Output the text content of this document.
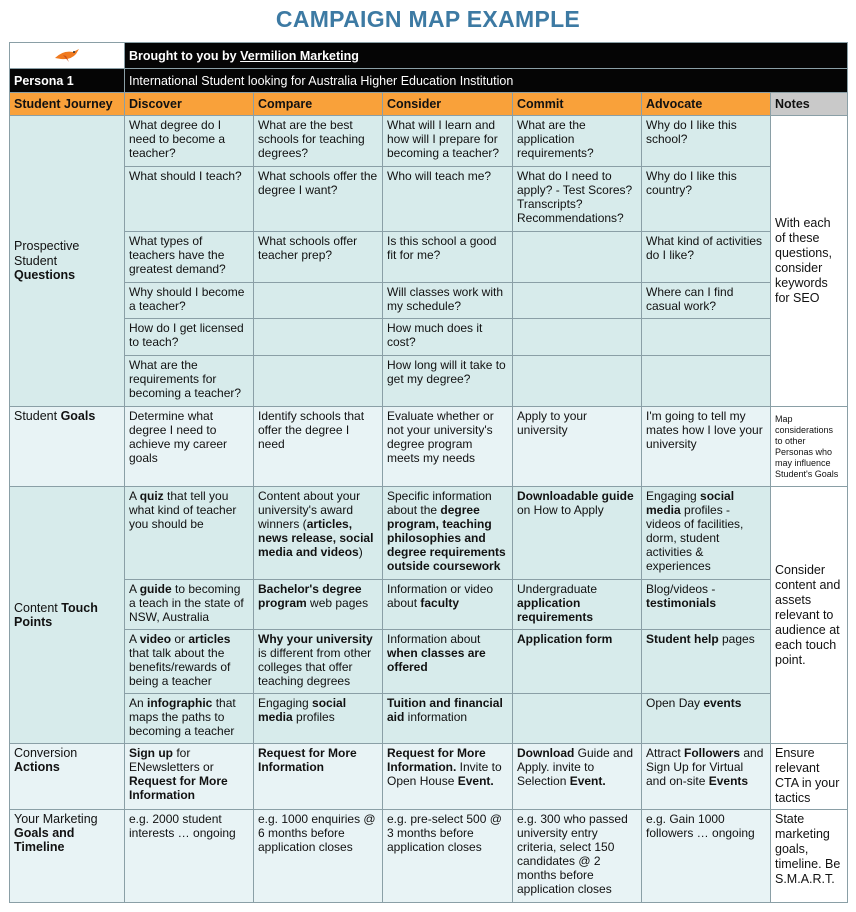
CAMPAIGN MAP EXAMPLE
	Brought to you by Vermilion Marketing					
Persona 1	International Student looking for Australia Higher Education Institution					
Student Journey	Discover	Compare	Consider	Commit	Advocate	Notes
Prospective Student Questions	What degree do I need to become a teacher?	What are the best schools for teaching degrees?	What will I learn and how will I prepare for becoming a teacher?	What are the application requirements?	Why do I like this school?	With each of these questions, consider keywords for SEO
	What should I teach?	What schools offer the degree I want?	Who will teach me?	What do I need to apply? - Test Scores? Transcripts? Recommendations?	Why do I like this country?	
	What types of teachers have the greatest demand?	What schools offer teacher prep?	Is this school a good fit for me?		What kind of activities do I like?	
	Why should I become a teacher?		Will classes work with my schedule?		Where can I find casual work?	
	How do I get licensed to teach?		How much does it cost?			
	What are the requirements for becoming a teacher?		How long will it take to get my degree?			
Student Goals	Determine what degree I need to achieve my career goals	Identify schools that offer the degree I need	Evaluate whether or not your university's degree program meets my needs	Apply to your university	I'm going to tell my mates how I love your university	Map considerations to other Personas who may influence Student's Goals
Content Touch Points	A quiz that tell you what kind of teacher you should be	Content about your university's award winners (articles, news release, social media and videos)	Specific information about the degree program, teaching philosophies and degree requirements outside coursework	Downloadable guide on How to Apply	Engaging social media profiles - videos of facilities, dorm, student activities & experiences	Consider content and assets relevant to audience at each touch point.
	A guide to becoming a teach in the state of NSW, Australia	Bachelor's degree program web pages	Information or video about faculty	Undergraduate application requirements	Blog/videos - testimonials	
	A video or articles that talk about the benefits/rewards of being a teacher	Why your university is different from other colleges that offer teaching degrees	Information about when classes are offered	Application form	Student help pages	
	An infographic that maps the paths to becoming a teacher	Engaging social media profiles	Tuition and financial aid information		Open Day events	
Conversion Actions	Sign up for ENewsletters or Request for More Information	Request for More Information	Request for More Information. Invite to Open House Event.	Download Guide and Apply. invite to Selection Event.	Attract Followers and Sign Up for Virtual and on-site Events	Ensure relevant CTA in your tactics
Your Marketing Goals and Timeline	e.g. 2000 student interests … ongoing	e.g. 1000 enquiries @ 6 months before application closes	e.g. pre-select 500 @ 3 months before application closes	e.g. 300 who passed university entry criteria, select 150 candidates @ 2 months before application closes	e.g. Gain 1000 followers … ongoing	State marketing goals, timeline. Be S.M.A.R.T.
